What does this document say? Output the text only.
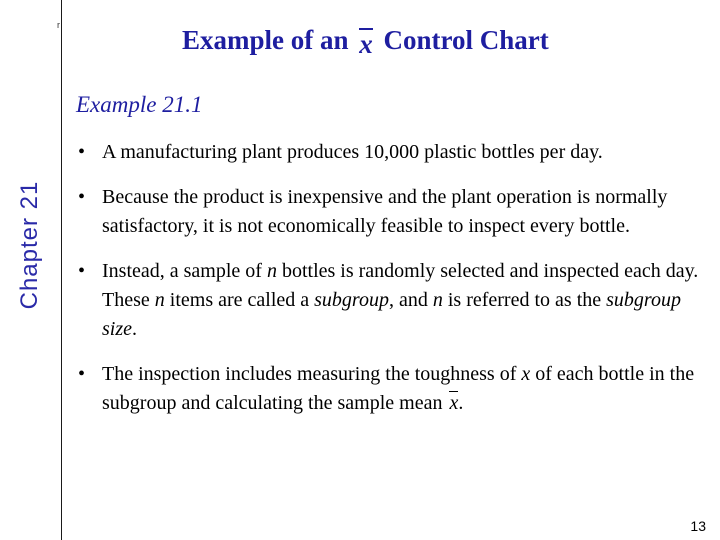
Chapter 21
r	Example of an x Control Chart
Example 21.1
• A manufacturing plant produces 10,000 plastic bottles per day.
• Because the product is inexpensive and the plant operation is normally satisfactory, it is not economically feasible to inspect every bottle.
• Instead, a sample of n bottles is randomly selected and inspected each day. These n items are called a subgroup, and n is referred to as the subgroup size.
• The inspection includes measuring the toughness of x of each bottle in the subgroup and calculating the sample mean x.
13
